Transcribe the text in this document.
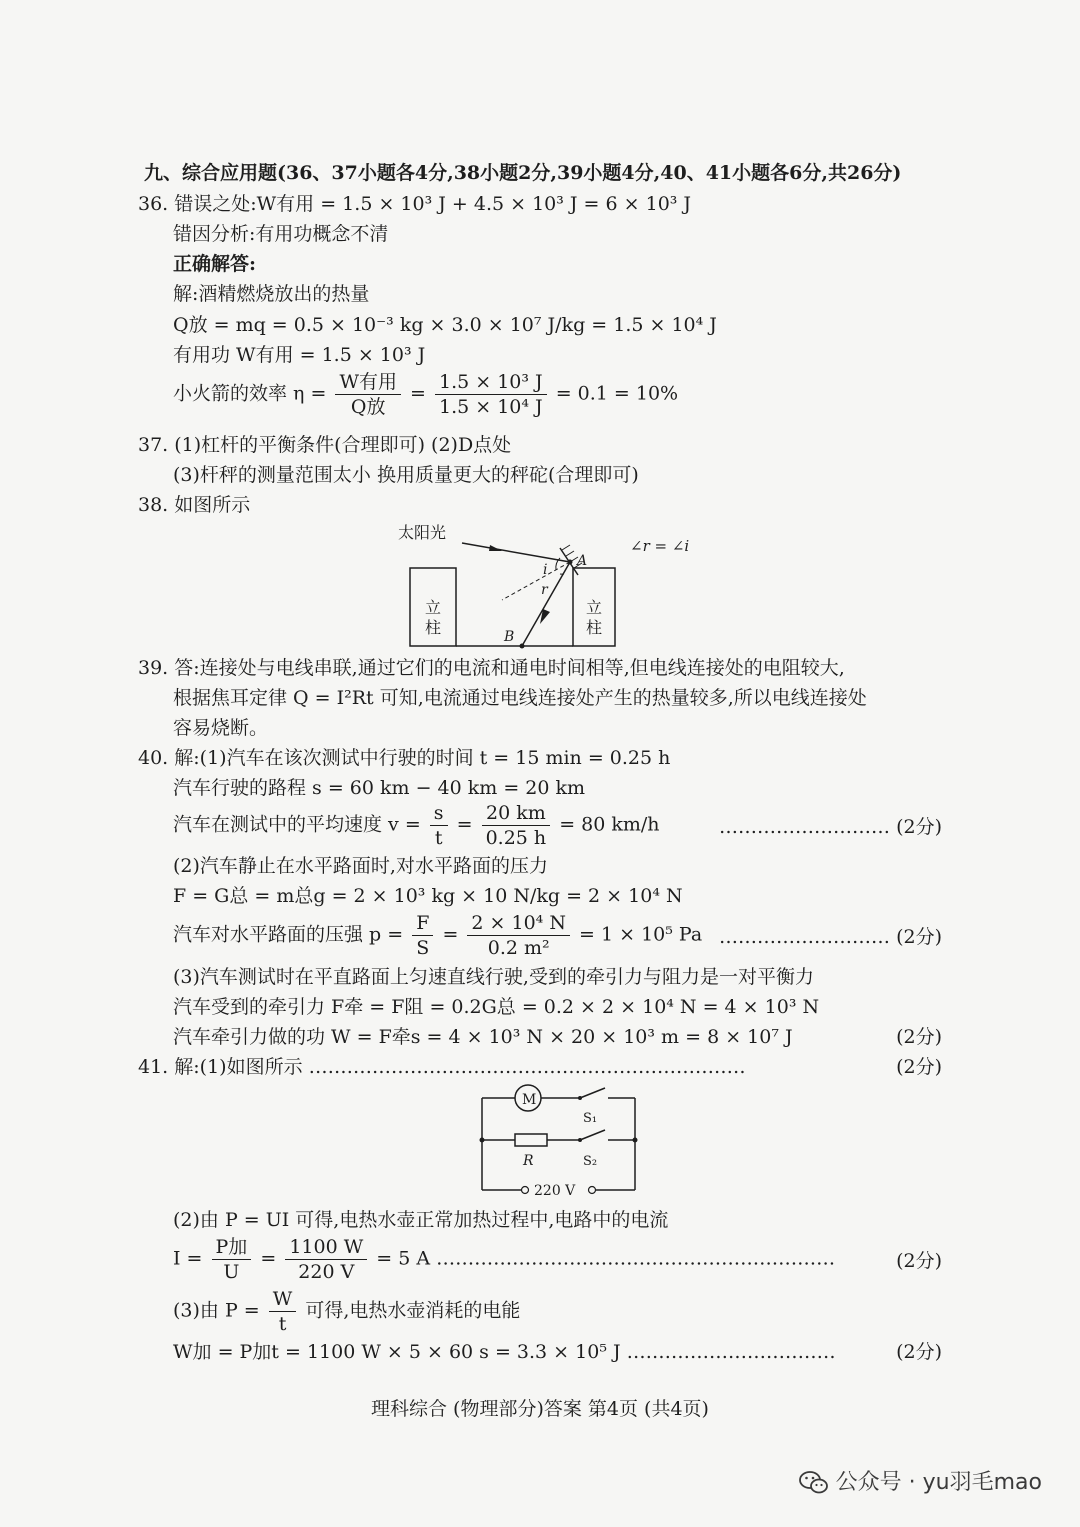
九、综合应用题(36、37小题各4分,38小题2分,39小题4分,40、41小题各6分,共26分)
36. 错误之处:W有用 = 1.5 × 10³ J + 4.5 × 10³ J = 6 × 10³ J
错因分析:有用功概念不清
正确解答:
解:酒精燃烧放出的热量
Q放 = mq = 0.5 × 10⁻³ kg × 3.0 × 10⁷ J/kg = 1.5 × 10⁴ J
有用功 W有用 = 1.5 × 10³ J
小火箭的效率 $\eta = \frac{\text{W有用}}{\text{Q放}} = \frac{\text{1.5 × 10³ J}}{\text{1.5 × 10⁴ J}} = 0.1 = 10\%$
37. (1)杠杆的平衡条件(合理即可) (2)D点处
(3)杆秤的测量范围太小 换用质量更大的秤砣(合理即可)
38. 如图所示
太阳光
∠r = ∠i
i
r
A
B
立
柱
立
柱
39. 答:连接处与电线串联,通过它们的电流和通电时间相等,但电线连接处的电阻较大,
根据焦耳定律 Q = I²Rt 可知,电流通过电线连接处产生的热量较多,所以电线连接处
容易烧断。
40. 解:(1)汽车在该次测试中行驶的时间 t = 15 min = 0.25 h
汽车行驶的路程 s = 60 km − 40 km = 20 km
汽车在测试中的平均速度 $v = \frac{s}{t} = \frac{20 km}{0.25 h} = 80$ km/h	……………………… (2分)
(2)汽车静止在水平路面时,对水平路面的压力
F = G总 = m总g = 2 × 10³ kg × 10 N/kg = 2 × 10⁴ N
汽车对水平路面的压强 $p = \frac{F}{S} = \frac{\text{2 × 10⁴ N}}{\text{0.2 m²}} = 1 \times 10^5$ Pa ……………………… (2分)
(3)汽车测试时在平直路面上匀速直线行驶,受到的牵引力与阻力是一对平衡力
汽车受到的牵引力 F牵 = F阻 = 0.2G总 = 0.2 × 2 × 10⁴ N = 4 × 10³ N
汽车牵引力做的功 W = F牵s = 4 × 10³ N × 20 × 10³ m = 8 × 10⁷ J	(2分)
41. 解:(1)如图所示 ……………………………………………………………	(2分)
M
S₁
R	S₂
220 V
(2)由 P = UI 可得,电热水壶正常加热过程中,电路中的电流
$I = \frac{\text{P加}}{U} = \frac{1100 W}{220 V} = 5$ A ………………………………………………………	(2分)
(3)由 $P = \frac{W}{t}$ 可得,电热水壶消耗的电能
W加 = P加t = 1100 W × 5 × 60 s = 3.3 × 10⁵ J ……………………………	(2分)
理科综合 (物理部分)答案 第4页 (共4页)
公众号 · yu羽毛mao
